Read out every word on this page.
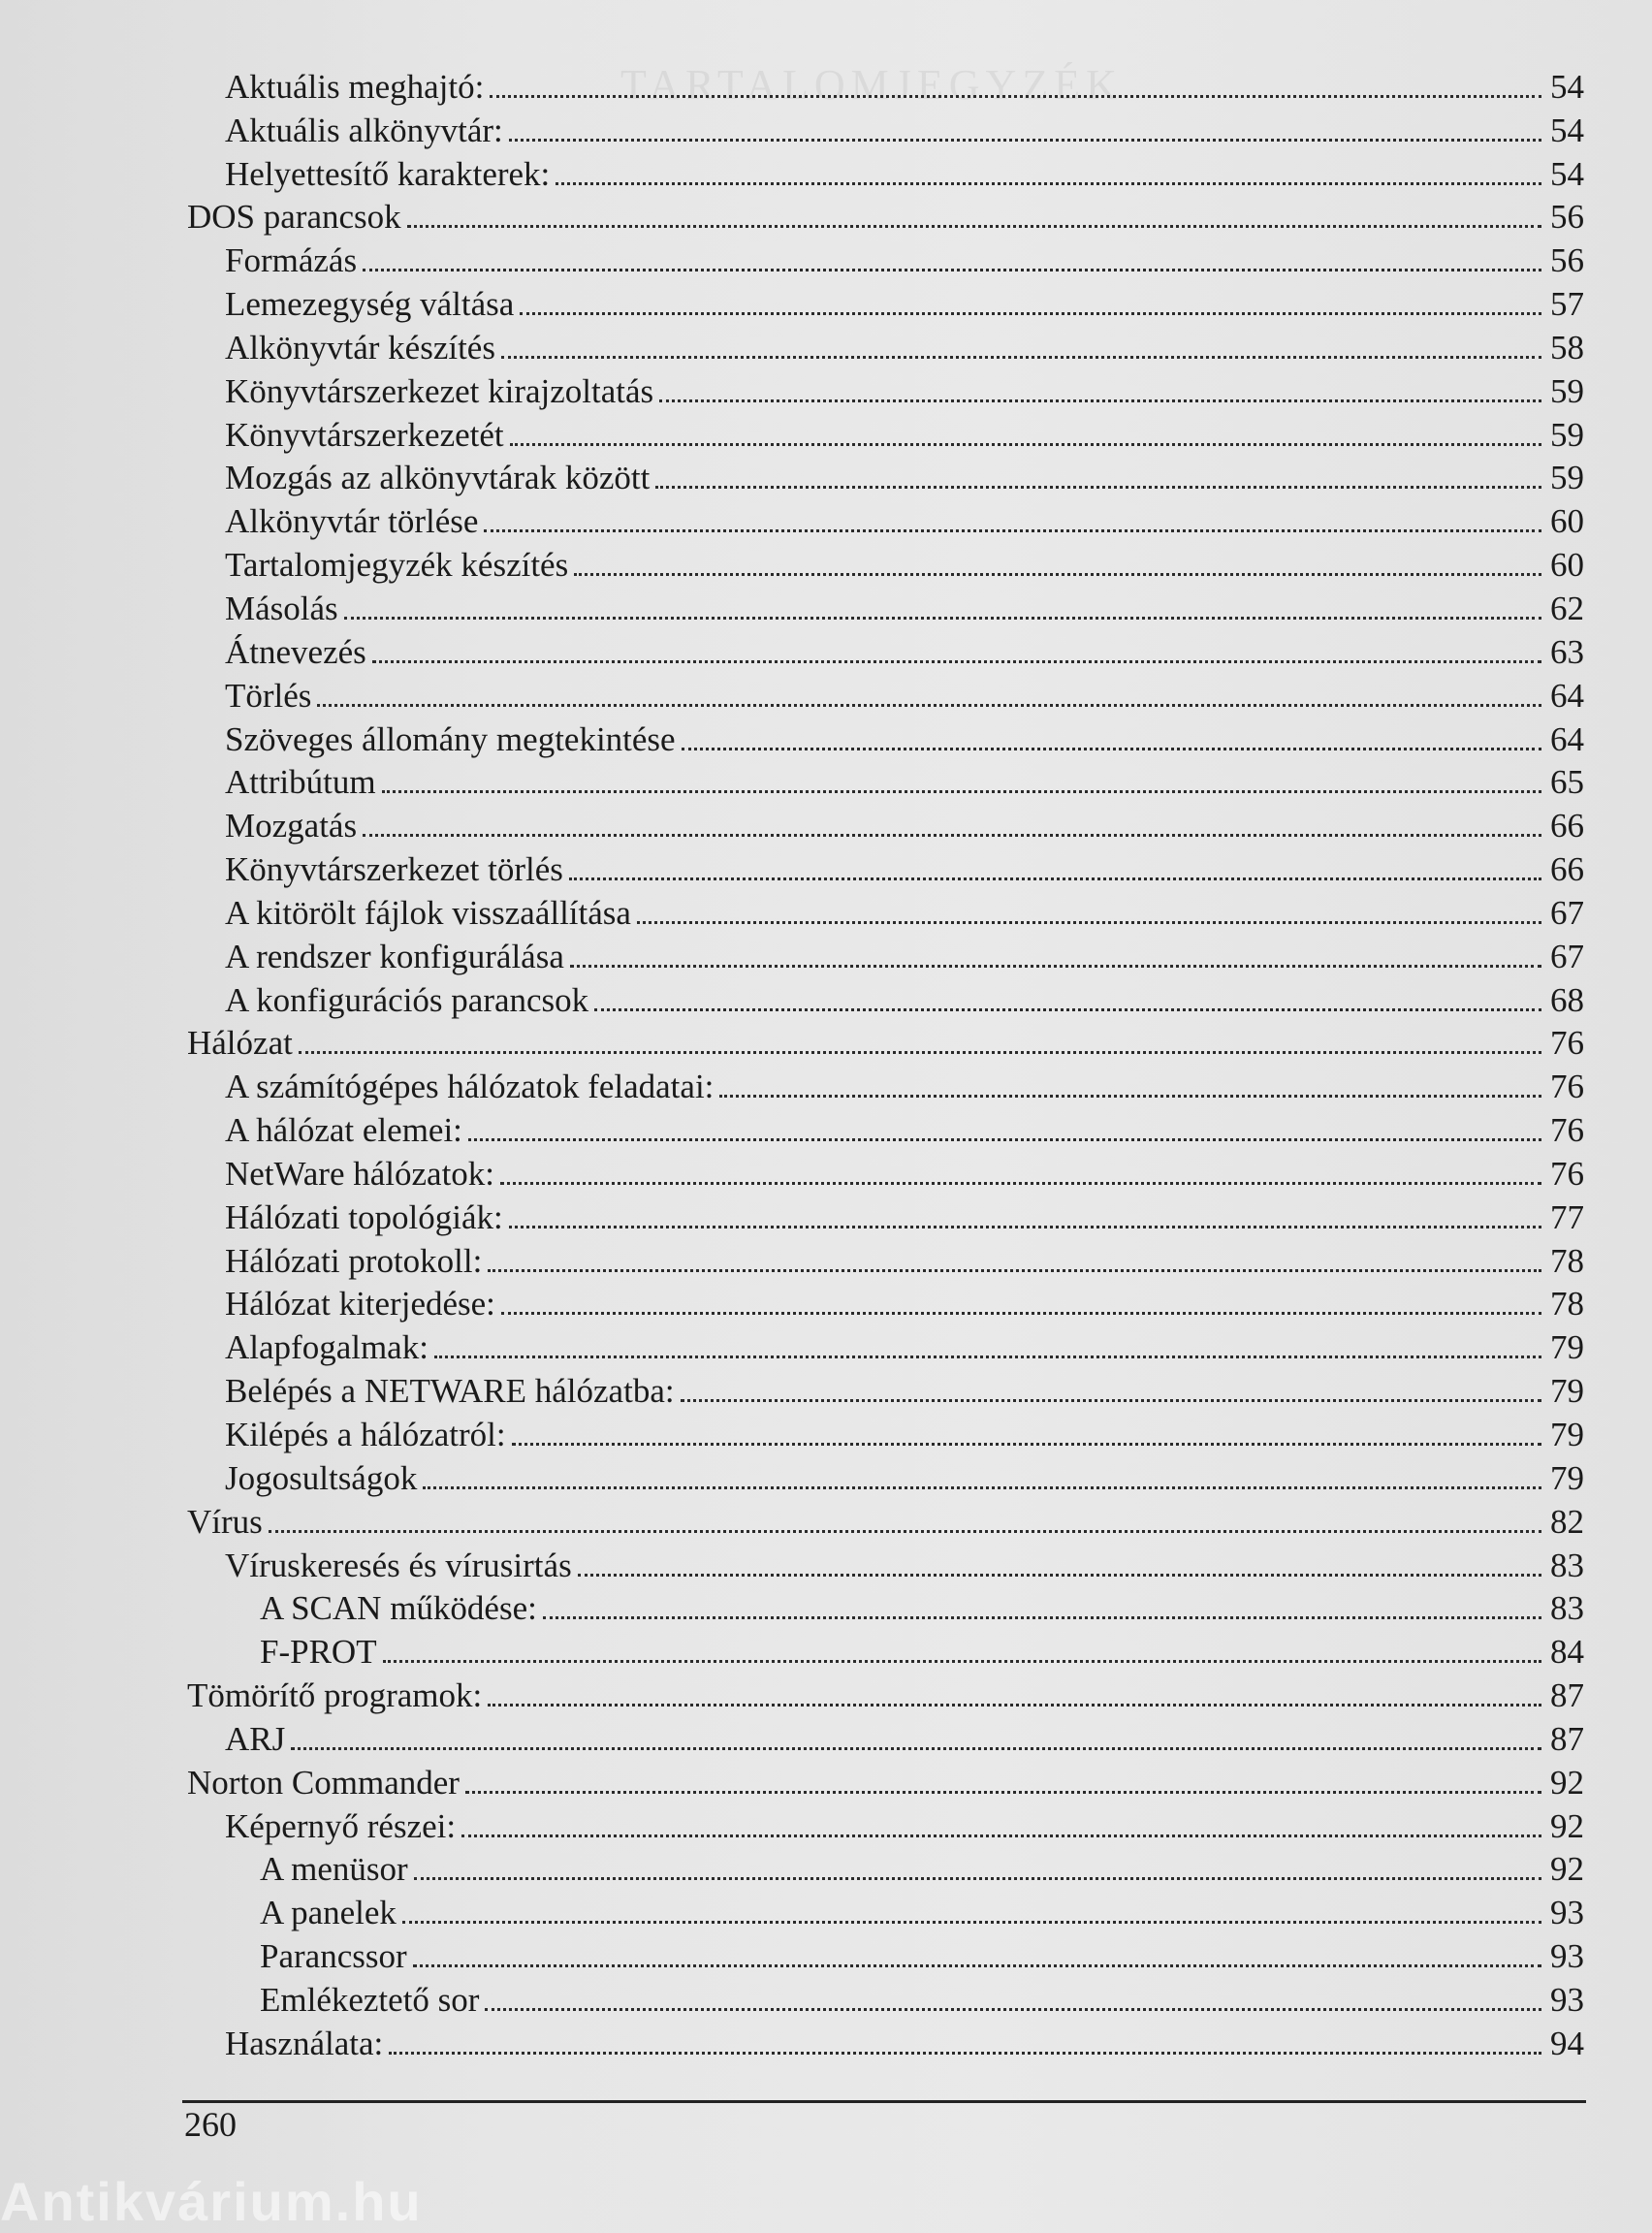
TARTALOMJEGYZÉK
Aktuális meghajtó:	54
Aktuális alkönyvtár:	54
Helyettesítő karakterek:	54
DOS parancsok	56
Formázás	56
Lemezegység váltása	57
Alkönyvtár készítés	58
Könyvtárszerkezet kirajzoltatás	59
Könyvtárszerkezetét	59
Mozgás az alkönyvtárak között	59
Alkönyvtár törlése	60
Tartalomjegyzék készítés	60
Másolás	62
Átnevezés	63
Törlés	64
Szöveges állomány megtekintése	64
Attribútum	65
Mozgatás	66
Könyvtárszerkezet törlés	66
A kitörölt fájlok visszaállítása	67
A rendszer konfigurálása	67
A konfigurációs parancsok	68
Hálózat	76
A számítógépes hálózatok feladatai:	76
A hálózat elemei:	76
NetWare hálózatok:	76
Hálózati topológiák:	77
Hálózati protokoll:	78
Hálózat kiterjedése:	78
Alapfogalmak:	79
Belépés a NETWARE hálózatba:	79
Kilépés a hálózatról:	79
Jogosultságok	79
Vírus	82
Víruskeresés és vírusirtás	83
A SCAN működése:	83
F-PROT	84
Tömörítő programok:	87
ARJ	87
Norton Commander	92
Képernyő részei:	92
A menüsor	92
A panelek	93
Parancssor	93
Emlékeztető sor	93
Használata:	94
260
Antikvárium.hu
